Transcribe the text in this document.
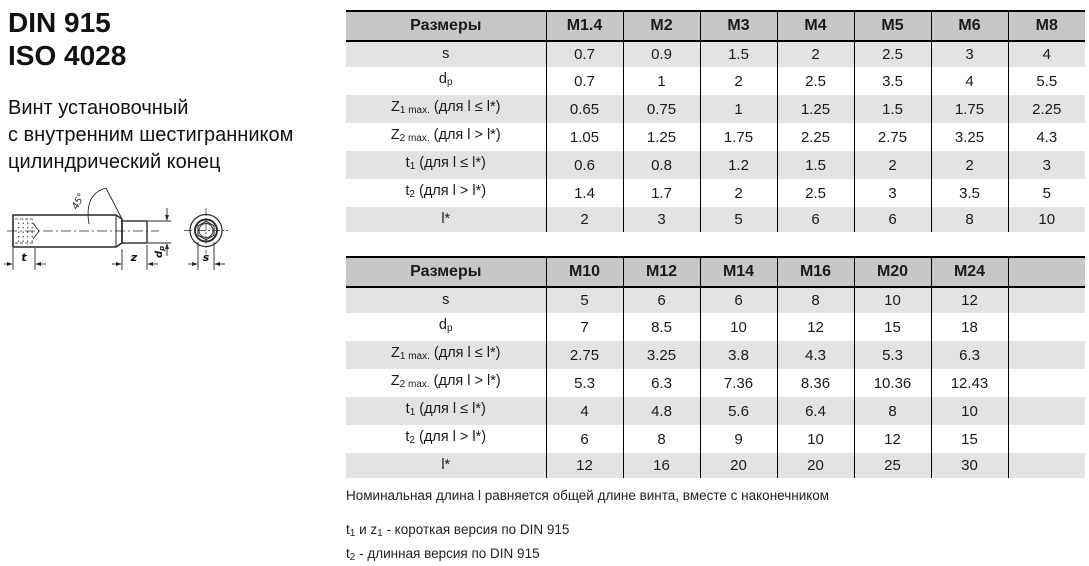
DIN 915
ISO 4028
Винт установочный
с внутренним шестигранником
цилиндрический конец
45°
t	z $d_p$
s
Размеры	M1.4	M2	M3	M4	M5	M6	M8
s	0.7	0.9	1.5	2	2.5	3	4
$d_p$	0.7	1	2	2.5	3.5	4	5.5
$Z_{1 max.}$ (для l ≤ l*)	0.65	0.75	1	1.25	1.5	1.75	2.25
$Z_{2 max.}$ (для l > l*)	1.05	1.25	1.75	2.25	2.75	3.25	4.3
$t_1$ (для l ≤ l*)	0.6	0.8	1.2	1.5	2	2	3
$t_2$ (для l > l*)	1.4	1.7	2	2.5	3	3.5	5
l*	2	3	5	6	6	8	10
Размеры	M10	M12	M14	M16	M20	M24	
s	5	6	6	8	10	12	
$d_p$	7	8.5	10	12	15	18	
$Z_{1 max.}$ (для l ≤ l*)	2.75	3.25	3.8	4.3	5.3	6.3	
$Z_{2 max.}$ (для l > l*)	5.3	6.3	7.36	8.36	10.36	12.43	
$t_1$ (для l ≤ l*)	4	4.8	5.6	6.4	8	10	
$t_2$ (для l > l*)	6	8	9	10	12	15	
l*	12	16	20	20	25	30	
Номинальная длина l равняется общей длине винта, вместе с наконечником
$t_1$ и $z_1$ - короткая версия по DIN 915
$t_2$ - длинная версия по DIN 915
